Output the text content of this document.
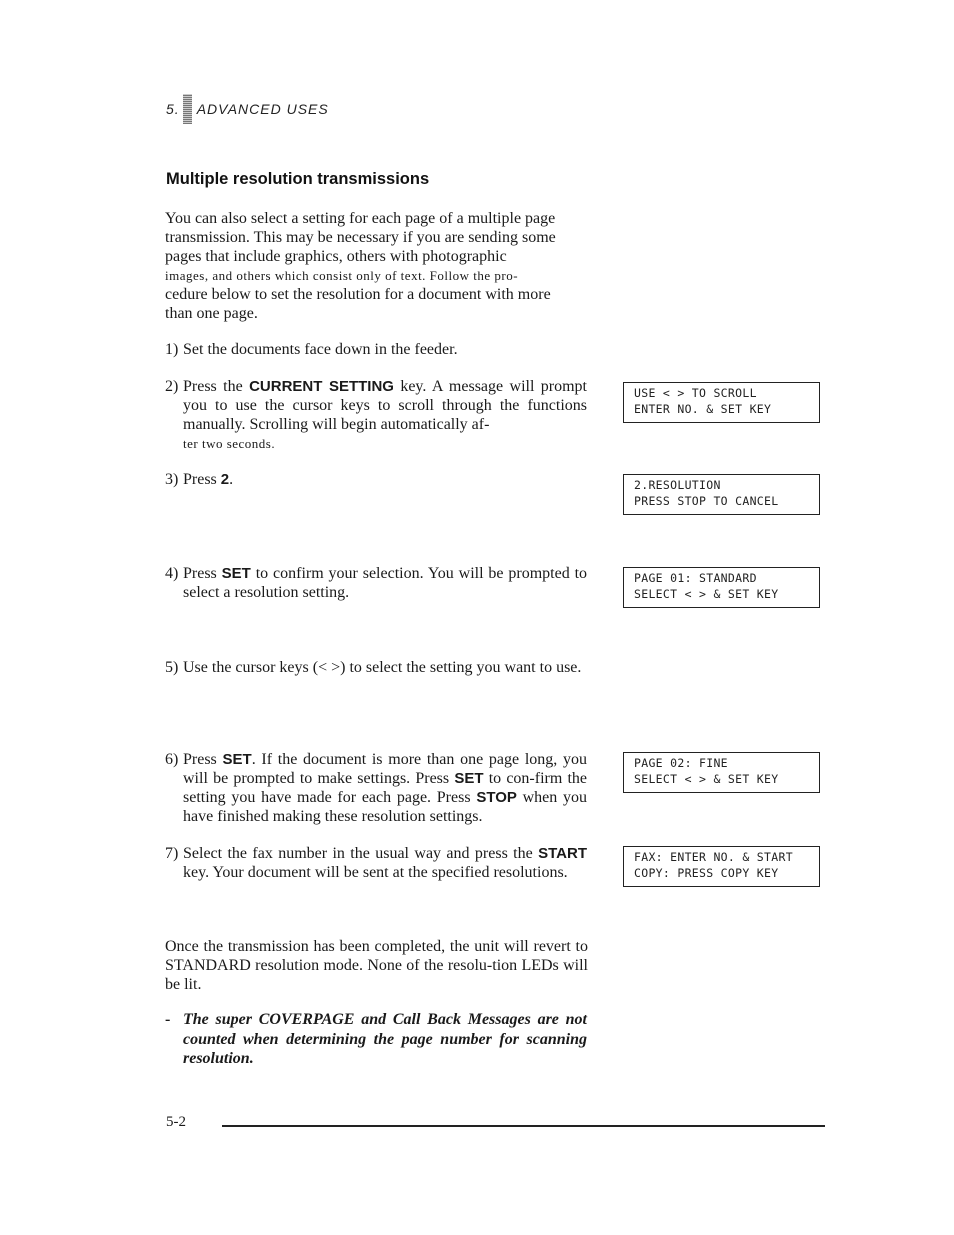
5. ADVANCED USES
Multiple resolution transmissions
You can also select a setting for each page of a multiple page
transmission. This may be necessary if you are sending some
pages that include graphics, others with photographic
images, and others which consist only of text. Follow the pro-
cedure below to set the resolution for a document with more
than one page.
1) Set the documents face down in the feeder.
2) Press the CURRENT SETTING key. A message will prompt you to use the cursor keys to scroll through the functions manually. Scrolling will begin automatically af-
ter two seconds.
3) Press 2.
4) Press SET to confirm your selection. You will be prompted to select a resolution setting.
5) Use the cursor keys (< >) to select the setting you want to use.
6) Press SET. If the document is more than one page long, you will be prompted to make settings. Press SET to con-firm the setting you have made for each page. Press STOP when you have finished making these resolution settings.
7) Select the fax number in the usual way and press the START key. Your document will be sent at the specified resolutions.
USE < > TO SCROLL
ENTER NO. & SET KEY
2.RESOLUTION
PRESS STOP TO CANCEL
PAGE 01: STANDARD
SELECT < > & SET KEY
PAGE 02: FINE
SELECT < > & SET KEY
FAX: ENTER NO. & START
COPY: PRESS COPY KEY
Once the transmission has been completed, the unit will revert to STANDARD resolution mode. None of the resolu-tion LEDs will be lit.
- The super COVERPAGE and Call Back Messages are not counted when determining the page number for scanning resolution.
5-2
